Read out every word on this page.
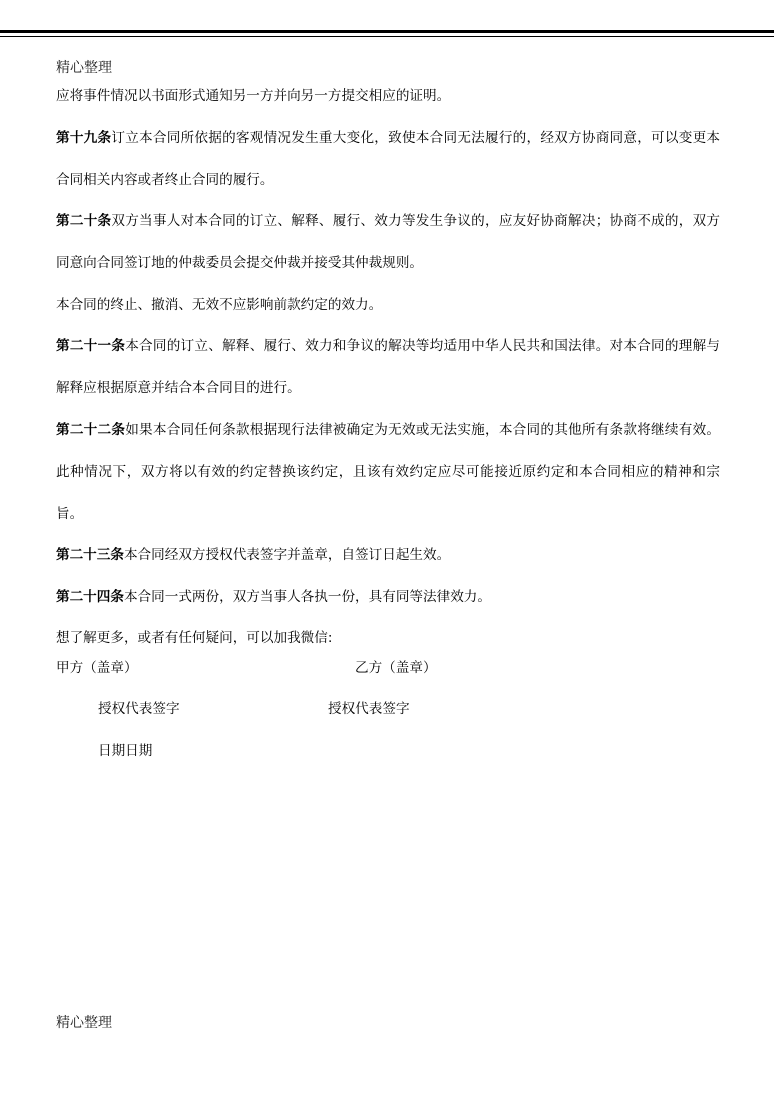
精心整理

应将事件情况以书面形式通知另一方并向另一方提交相应的证明。

第十九条订立本合同所依据的客观情况发生重大变化，致使本合同无法履行的，经双方协商同意，可以变更本合同相关内容或者终止合同的履行。

第二十条双方当事人对本合同的订立、解释、履行、效力等发生争议的，应友好协商解决；协商不成的，双方同意向合同签订地的仲裁委员会提交仲裁并接受其仲裁规则。

本合同的终止、撤消、无效不应影响前款约定的效力。

第二十一条本合同的订立、解释、履行、效力和争议的解决等均适用中华人民共和国法律。对本合同的理解与解释应根据原意并结合本合同目的进行。

第二十二条如果本合同任何条款根据现行法律被确定为无效或无法实施，本合同的其他所有条款将继续有效。此种情况下，双方将以有效的约定替换该约定，且该有效约定应尽可能接近原约定和本合同相应的精神和宗旨。

第二十三条本合同经双方授权代表签字并盖章，自签订日起生效。

第二十四条本合同一式两份，双方当事人各执一份，具有同等法律效力。

想了解更多，或者有任何疑问，可以加我微信:

甲方（盖章）	乙方（盖章）
授权代表签字	授权代表签字
日期日期
精心整理
